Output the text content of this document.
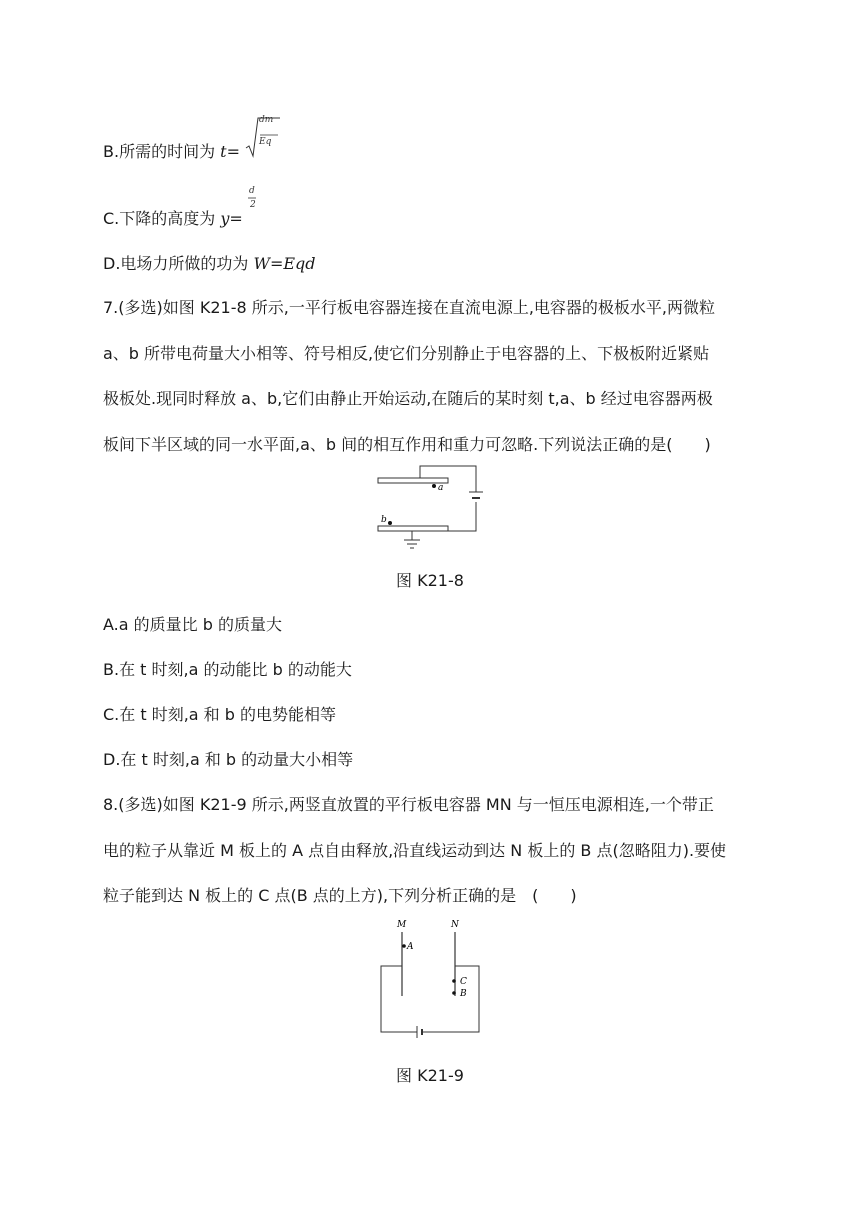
B.所需的时间为 t=
dm
Eq
C.下降的高度为 y=
d
2
D.电场力所做的功为 W=Eqd
7.(多选)如图 K21-8 所示,一平行板电容器连接在直流电源上,电容器的极板水平,两微粒
a、b 所带电荷量大小相等、符号相反,使它们分别静止于电容器的上、下极板附近紧贴
极板处.现同时释放 a、b,它们由静止开始运动,在随后的某时刻 t,a、b 经过电容器两极
板间下半区域的同一水平面,a、b 间的相互作用和重力可忽略.下列说法正确的是(　　)
a
b
图 K21-8
A.a 的质量比 b 的质量大
B.在 t 时刻,a 的动能比 b 的动能大
C.在 t 时刻,a 和 b 的电势能相等
D.在 t 时刻,a 和 b 的动量大小相等
8.(多选)如图 K21-9 所示,两竖直放置的平行板电容器 MN 与一恒压电源相连,一个带正
电的粒子从靠近 M 板上的 A 点自由释放,沿直线运动到达 N 板上的 B 点(忽略阻力).要使
粒子能到达 N 板上的 C 点(B 点的上方),下列分析正确的是　(　　)
M	N
A
C
B
图 K21-9
